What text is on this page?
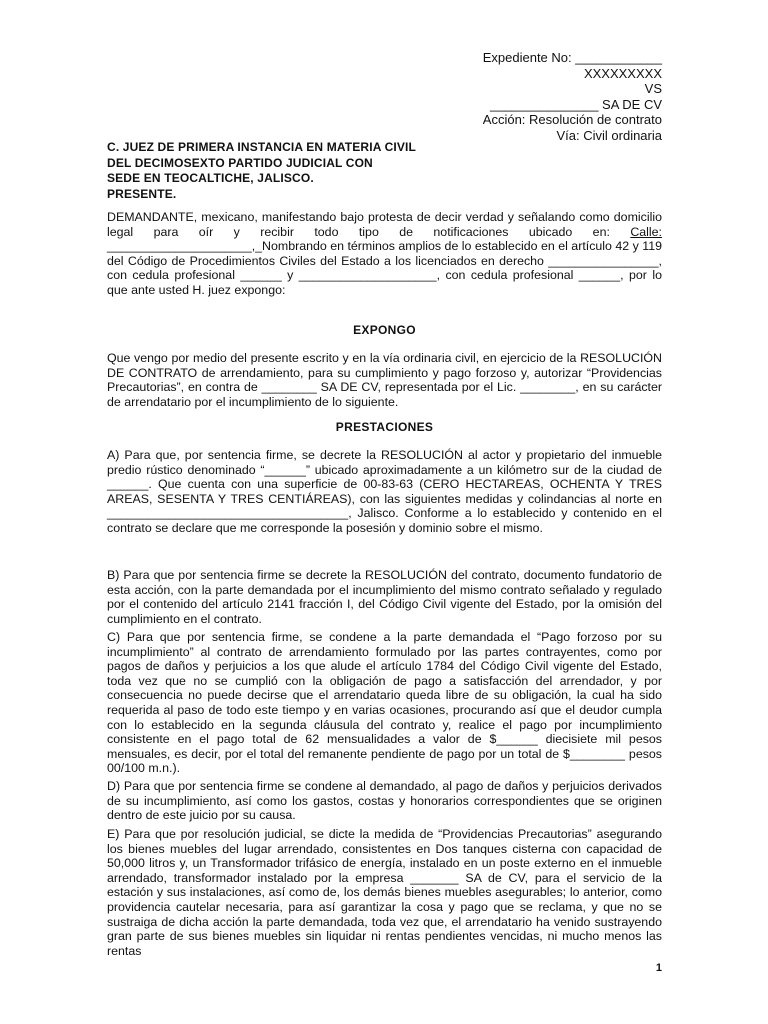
Expediente No: ____________
XXXXXXXXX
VS
_______________ SA DE CV
Acción: Resolución de contrato
Vía: Civil ordinaria
C. JUEZ DE PRIMERA INSTANCIA EN MATERIA CIVIL
DEL DECIMOSEXTO PARTIDO JUDICIAL CON
SEDE EN TEOCALTICHE, JALISCO.
PRESENTE.

DEMANDANTE, mexicano, manifestando bajo protesta de decir verdad y señalando como domicilio legal para oír y recibir todo tipo de notificaciones ubicado en: Calle: _____________________,_Nombrando en términos amplios de lo establecido en el artículo 42 y 119 del Código de Procedimientos Civiles del Estado a los licenciados en derecho ________________, con cedula profesional ______ y ____________________, con cedula profesional ______, por lo que ante usted H. juez expongo:

EXPONGO

Que vengo por medio del presente escrito y en la vía ordinaria civil, en ejercicio de la RESOLUCIÓN DE CONTRATO de arrendamiento, para su cumplimiento y pago forzoso y, autorizar “Providencias Precautorias”, en contra de ________ SA DE CV, representada por el Lic. ________, en su carácter de arrendatario por el incumplimiento de lo siguiente.

PRESTACIONES

A) Para que, por sentencia firme, se decrete la RESOLUCIÓN al actor y propietario del inmueble predio rústico denominado “______” ubicado aproximadamente a un kilómetro sur de la ciudad de ______. Que cuenta con una superficie de 00-83-63 (CERO HECTAREAS, OCHENTA Y TRES AREAS, SESENTA Y TRES CENTIÁREAS), con las siguientes medidas y colindancias al norte en ___________________________________, Jalisco. Conforme a lo establecido y contenido en el contrato se declare que me corresponde la posesión y dominio sobre el mismo.

B) Para que por sentencia firme se decrete la RESOLUCIÓN del contrato, documento fundatorio de esta acción, con la parte demandada por el incumplimiento del mismo contrato señalado y regulado por el contenido del artículo 2141 fracción I, del Código Civil vigente del Estado, por la omisión del cumplimiento en el contrato.

C) Para que por sentencia firme, se condene a la parte demandada el “Pago forzoso por su incumplimiento” al contrato de arrendamiento formulado por las partes contrayentes, como por pagos de daños y perjuicios a los que alude el artículo 1784 del Código Civil vigente del Estado, toda vez que no se cumplió con la obligación de pago a satisfacción del arrendador, y por consecuencia no puede decirse que el arrendatario queda libre de su obligación, la cual ha sido requerida al paso de todo este tiempo y en varias ocasiones, procurando así que el deudor cumpla con lo establecido en la segunda cláusula del contrato y, realice el pago por incumplimiento consistente en el pago total de 62 mensualidades a valor de $______ diecisiete mil pesos mensuales, es decir, por el total del remanente pendiente de pago por un total de $________ pesos 00/100 m.n.).

D) Para que por sentencia firme se condene al demandado, al pago de daños y perjuicios derivados de su incumplimiento, así como los gastos, costas y honorarios correspondientes que se originen dentro de este juicio por su causa.

E) Para que por resolución judicial, se dicte la medida de “Providencias Precautorias” asegurando los bienes muebles del lugar arrendado, consistentes en Dos tanques cisterna con capacidad de 50,000 litros y, un Transformador trifásico de energía, instalado en un poste externo en el inmueble arrendado, transformador instalado por la empresa _______ SA de CV, para el servicio de la estación y sus instalaciones, así como de, los demás bienes muebles asegurables; lo anterior, como providencia cautelar necesaria, para así garantizar la cosa y pago que se reclama, y que no se sustraiga de dicha acción la parte demandada, toda vez que, el arrendatario ha venido sustrayendo gran parte de sus bienes muebles sin liquidar ni rentas pendientes vencidas, ni mucho menos las rentas

1
